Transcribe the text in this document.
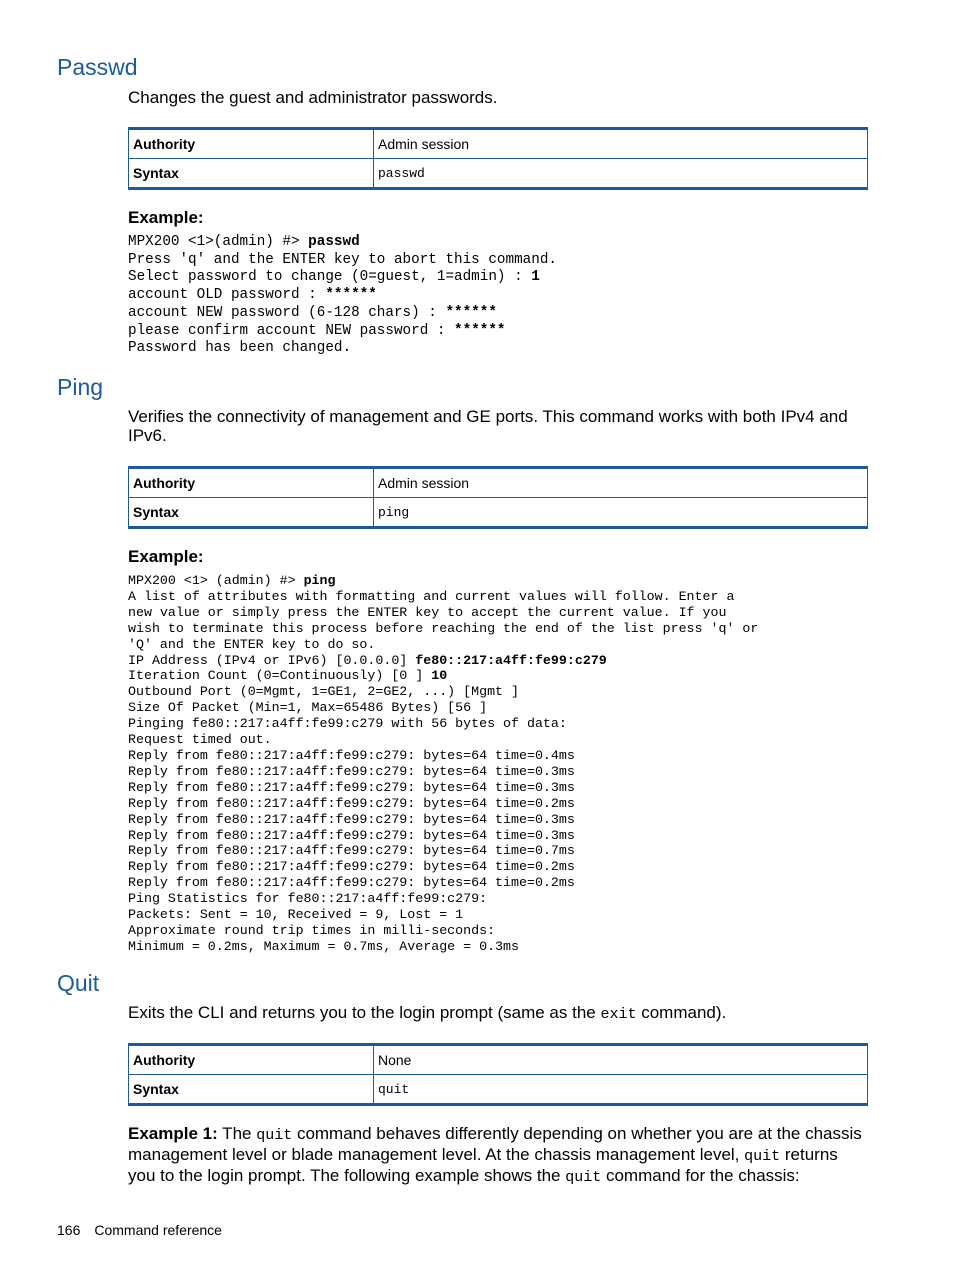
Passwd

Changes the guest and administrator passwords.

Authority	Admin session
Syntax	passwd

Example:

MPX200 <1>(admin) #> passwd
Press 'q' and the ENTER key to abort this command.
Select password to change (0=guest, 1=admin) : 1
account OLD password : ******
account NEW password (6-128 chars) : ******
please confirm account NEW password : ******
Password has been changed.
Ping

Verifies the connectivity of management and GE ports. This command works with both IPv4 and IPv6.

Authority	Admin session
Syntax	ping

Example:

MPX200 <1> (admin) #> ping
A list of attributes with formatting and current values will follow. Enter a
new value or simply press the ENTER key to accept the current value. If you
wish to terminate this process before reaching the end of the list press 'q' or
'Q' and the ENTER key to do so.
IP Address (IPv4 or IPv6) [0.0.0.0] fe80::217:a4ff:fe99:c279
Iteration Count (0=Continuously) [0 ] 10
Outbound Port (0=Mgmt, 1=GE1, 2=GE2, ...) [Mgmt ]
Size Of Packet (Min=1, Max=65486 Bytes) [56 ]
Pinging fe80::217:a4ff:fe99:c279 with 56 bytes of data:
Request timed out.
Reply from fe80::217:a4ff:fe99:c279: bytes=64 time=0.4ms
Reply from fe80::217:a4ff:fe99:c279: bytes=64 time=0.3ms
Reply from fe80::217:a4ff:fe99:c279: bytes=64 time=0.3ms
Reply from fe80::217:a4ff:fe99:c279: bytes=64 time=0.2ms
Reply from fe80::217:a4ff:fe99:c279: bytes=64 time=0.3ms
Reply from fe80::217:a4ff:fe99:c279: bytes=64 time=0.3ms
Reply from fe80::217:a4ff:fe99:c279: bytes=64 time=0.7ms
Reply from fe80::217:a4ff:fe99:c279: bytes=64 time=0.2ms
Reply from fe80::217:a4ff:fe99:c279: bytes=64 time=0.2ms
Ping Statistics for fe80::217:a4ff:fe99:c279:
Packets: Sent = 10, Received = 9, Lost = 1
Approximate round trip times in milli-seconds:
Minimum = 0.2ms, Maximum = 0.7ms, Average = 0.3ms
Quit

Exits the CLI and returns you to the login prompt (same as the exit command).

Authority	None
Syntax	quit

Example 1: The quit command behaves differently depending on whether you are at the chassis management level or blade management level. At the chassis management level, quit returns you to the login prompt. The following example shows the quit command for the chassis:

166 Command reference
